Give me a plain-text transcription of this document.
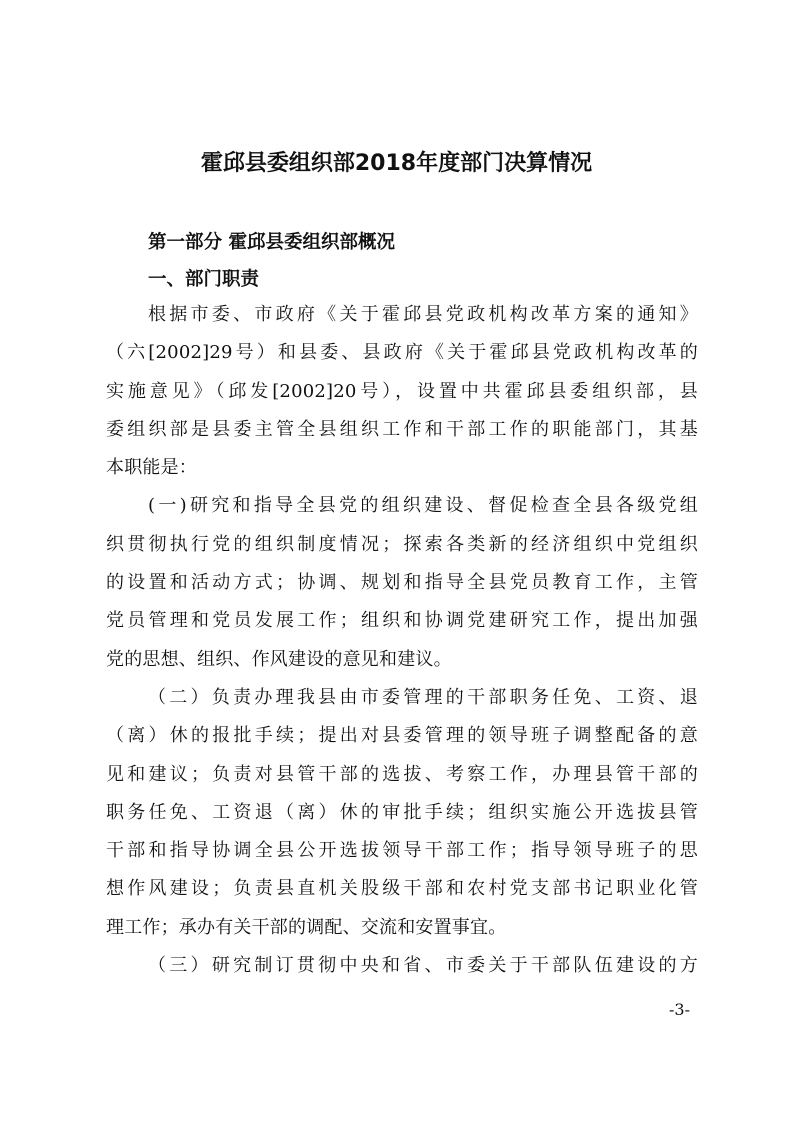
霍邱县委组织部2018年度部门决算情况
第一部分 霍邱县委组织部概况
一、部门职责
根据市委、市政府《关于霍邱县党政机构改革方案的通知》
（六[2002]29号）和县委、县政府《关于霍邱县党政机构改革的
实施意见》（邱发[2002]20号），设置中共霍邱县委组织部，县
委组织部是县委主管全县组织工作和干部工作的职能部门，其基
本职能是：
(一)研究和指导全县党的组织建设、督促检查全县各级党组
织贯彻执行党的组织制度情况；探索各类新的经济组织中党组织
的设置和活动方式；协调、规划和指导全县党员教育工作，主管
党员管理和党员发展工作；组织和协调党建研究工作，提出加强
党的思想、组织、作风建设的意见和建议。
（二）负责办理我县由市委管理的干部职务任免、工资、退
（离）休的报批手续；提出对县委管理的领导班子调整配备的意
见和建议；负责对县管干部的选拔、考察工作，办理县管干部的
职务任免、工资退（离）休的审批手续；组织实施公开选拔县管
干部和指导协调全县公开选拔领导干部工作；指导领导班子的思
想作风建设；负责县直机关股级干部和农村党支部书记职业化管
理工作；承办有关干部的调配、交流和安置事宜。
（三）研究制订贯彻中央和省、市委关于干部队伍建设的方
-3-
